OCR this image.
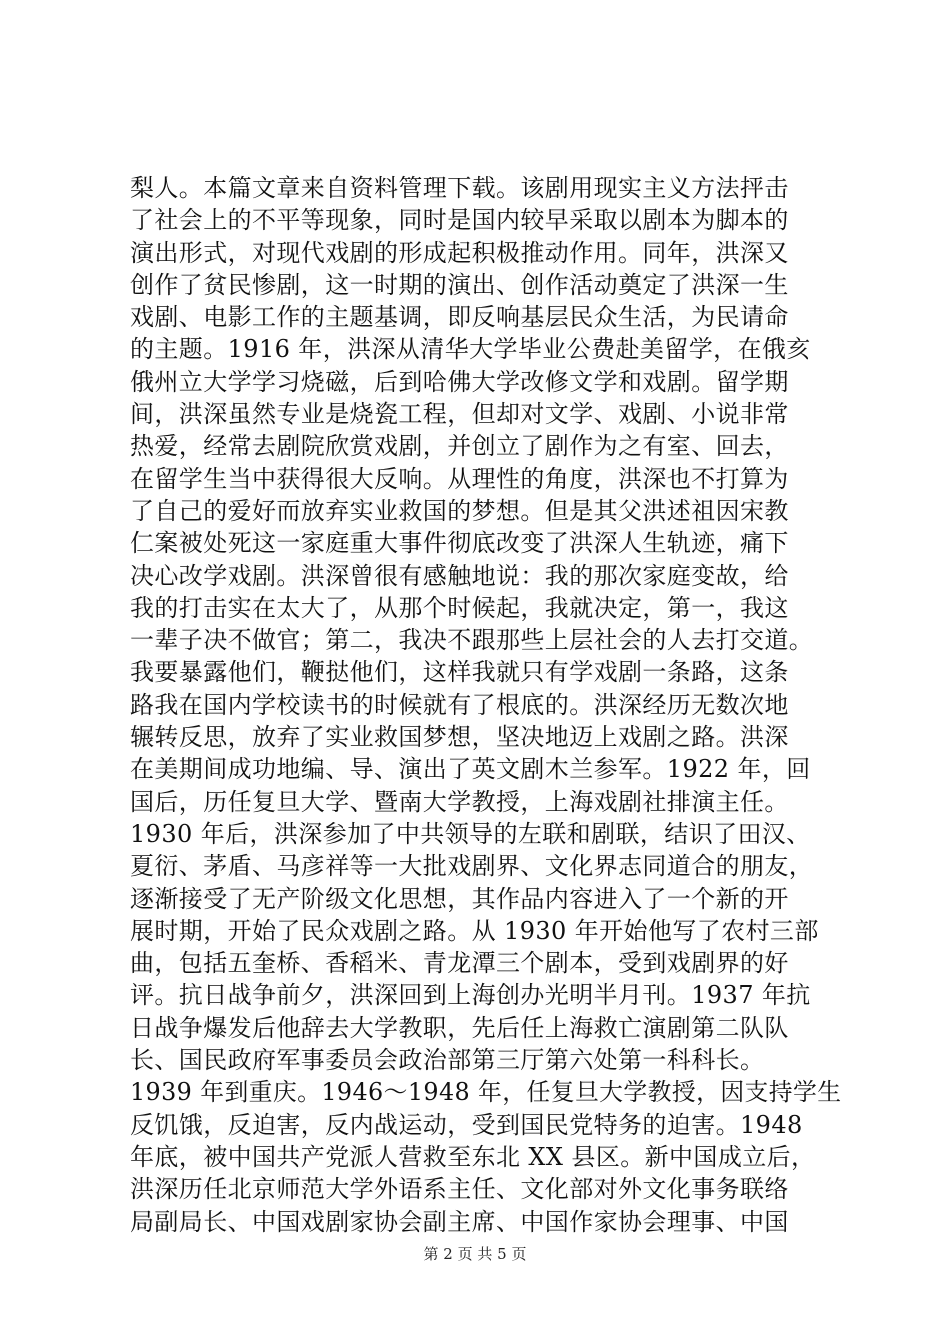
梨人。本篇文章来自资料管理下载。该剧用现实主义方法抨击
了社会上的不平等现象，同时是国内较早采取以剧本为脚本的
演出形式，对现代戏剧的形成起积极推动作用。同年，洪深又
创作了贫民惨剧，这一时期的演出、创作活动奠定了洪深一生
戏剧、电影工作的主题基调，即反响基层民众生活，为民请命
的主题。1916 年，洪深从清华大学毕业公费赴美留学，在俄亥
俄州立大学学习烧磁，后到哈佛大学改修文学和戏剧。留学期
间，洪深虽然专业是烧瓷工程，但却对文学、戏剧、小说非常
热爱，经常去剧院欣赏戏剧，并创立了剧作为之有室、回去，
在留学生当中获得很大反响。从理性的角度，洪深也不打算为
了自己的爱好而放弃实业救国的梦想。但是其父洪述祖因宋教
仁案被处死这一家庭重大事件彻底改变了洪深人生轨迹，痛下
决心改学戏剧。洪深曾很有感触地说：我的那次家庭变故，给
我的打击实在太大了，从那个时候起，我就决定，第一，我这
一辈子决不做官；第二，我决不跟那些上层社会的人去打交道。
我要暴露他们，鞭挞他们，这样我就只有学戏剧一条路，这条
路我在国内学校读书的时候就有了根底的。洪深经历无数次地
辗转反思，放弃了实业救国梦想，坚决地迈上戏剧之路。洪深
在美期间成功地编、导、演出了英文剧木兰参军。1922 年，回
国后，历任复旦大学、暨南大学教授，上海戏剧社排演主任。
1930 年后，洪深参加了中共领导的左联和剧联，结识了田汉、
夏衍、茅盾、马彦祥等一大批戏剧界、文化界志同道合的朋友，
逐渐接受了无产阶级文化思想，其作品内容进入了一个新的开
展时期，开始了民众戏剧之路。从 1930 年开始他写了农村三部
曲，包括五奎桥、香稻米、青龙潭三个剧本，受到戏剧界的好
评。抗日战争前夕，洪深回到上海创办光明半月刊。1937 年抗
日战争爆发后他辞去大学教职，先后任上海救亡演剧第二队队
长、国民政府军事委员会政治部第三厅第六处第一科科长。
1939 年到重庆。1946～1948 年，任复旦大学教授，因支持学生
反饥饿，反迫害，反内战运动，受到国民党特务的迫害。1948
年底，被中国共产党派人营救至东北 XX 县区。新中国成立后，
洪深历任北京师范大学外语系主任、文化部对外文化事务联络
局副局长、中国戏剧家协会副主席、中国作家协会理事、中国
第 2 页 共 5 页
